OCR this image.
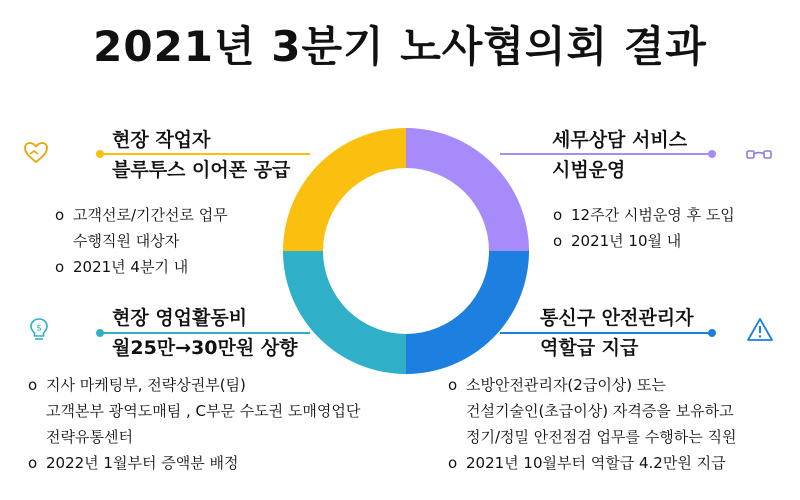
2021년 3분기 노사협의회 결과
현장 작업자
블루투스 이어폰 공급
o 고객선로/기간선로 업무
수행직원 대상자
o 2021년 4분기 내
세무상담 서비스
시범운영
o 12주간 시범운영 후 도입
o 2021년 10월 내
$	현장 영업활동비
월25만→30만원 상향
o 지사 마케팅부, 전략상권부(팀)
고객본부 광역도매팀 , C부문 수도권 도매영업단
전략유통센터
o 2022년 1월부터 증액분 배정
통신구 안전관리자
역할급 지급
o 소방안전관리자(2급이상) 또는
건설기술인(초급이상) 자격증을 보유하고
정기/정밀 안전점검 업무를 수행하는 직원
o 2021년 10월부터 역할급 4.2만원 지급
